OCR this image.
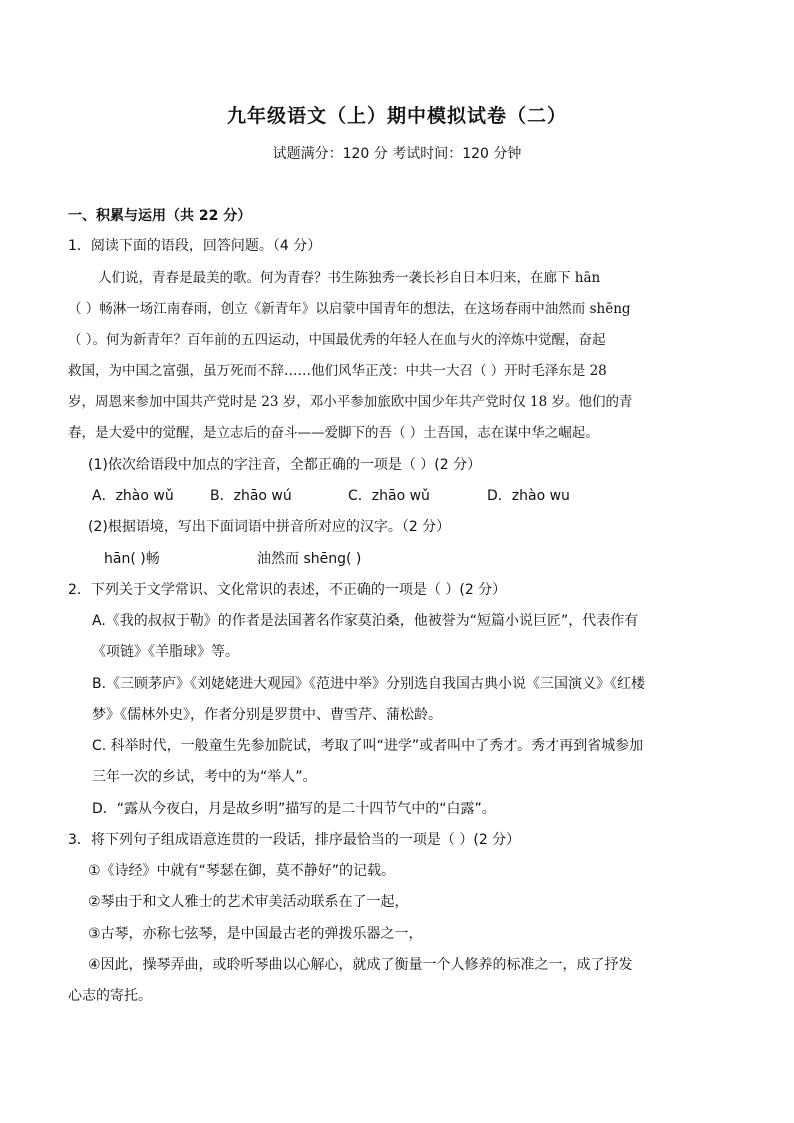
九年级语文（上）期中模拟试卷（二）
试题满分：120 分 考试时间：120 分钟
一、积累与运用（共 22 分）
1．阅读下面的语段，回答问题。（4 分）
人们说，青春是最美的歌。何为青春？书生陈独秀一袭长衫自日本归来，在廊下 hān
（ ）畅淋一场江南春雨，创立《新青年》以启蒙中国青年的想法，在这场春雨中油然而 shēng
（ ）。何为新青年？百年前的五四运动，中国最优秀的年轻人在血与火的淬炼中觉醒，奋起
救国，为中国之富强，虽万死而不辞……他们风华正茂：中共一大召（ ）开时毛泽东是 28
岁，周恩来参加中国共产党时是 23 岁，邓小平参加旅欧中国少年共产党时仅 18 岁。他们的青
春，是大爱中的觉醒，是立志后的奋斗——爱脚下的吾（ ）土吾国，志在谋中华之崛起。
(1)依次给语段中加点的字注音，全都正确的一项是（ ）(2 分）
A．zhào wǔ	B．zhāo wú	C．zhāo wǔ	D．zhào wu
(2)根据语境，写出下面词语中拼音所对应的汉字。（2 分）
hān( )畅	油然而 shēng( )
2．下列关于文学常识、文化常识的表述，不正确的一项是（ ）(2 分）
A.《我的叔叔于勒》的作者是法国著名作家莫泊桑，他被誉为“短篇小说巨匠”，代表作有
《项链》《羊脂球》等。
B.《三顾茅庐》《刘姥姥进大观园》《范进中举》分别选自我国古典小说《三国演义》《红楼
梦》《儒林外史》，作者分别是罗贯中、曹雪芹、蒲松龄。
C. 科举时代，一般童生先参加院试，考取了叫“进学”或者叫中了秀才。秀才再到省城参加
三年一次的乡试，考中的为“举人”。
D．“露从今夜白，月是故乡明”描写的是二十四节气中的“白露”。
3．将下列句子组成语意连贯的一段话，排序最恰当的一项是（ ）(2 分）
①《诗经》中就有“琴瑟在御，莫不静好”的记载。
②琴由于和文人雅士的艺术审美活动联系在了一起，
③古琴，亦称七弦琴，是中国最古老的弹拨乐器之一，
④因此，操琴弄曲，或聆听琴曲以心解心，就成了衡量一个人修养的标准之一，成了抒发
心志的寄托。
